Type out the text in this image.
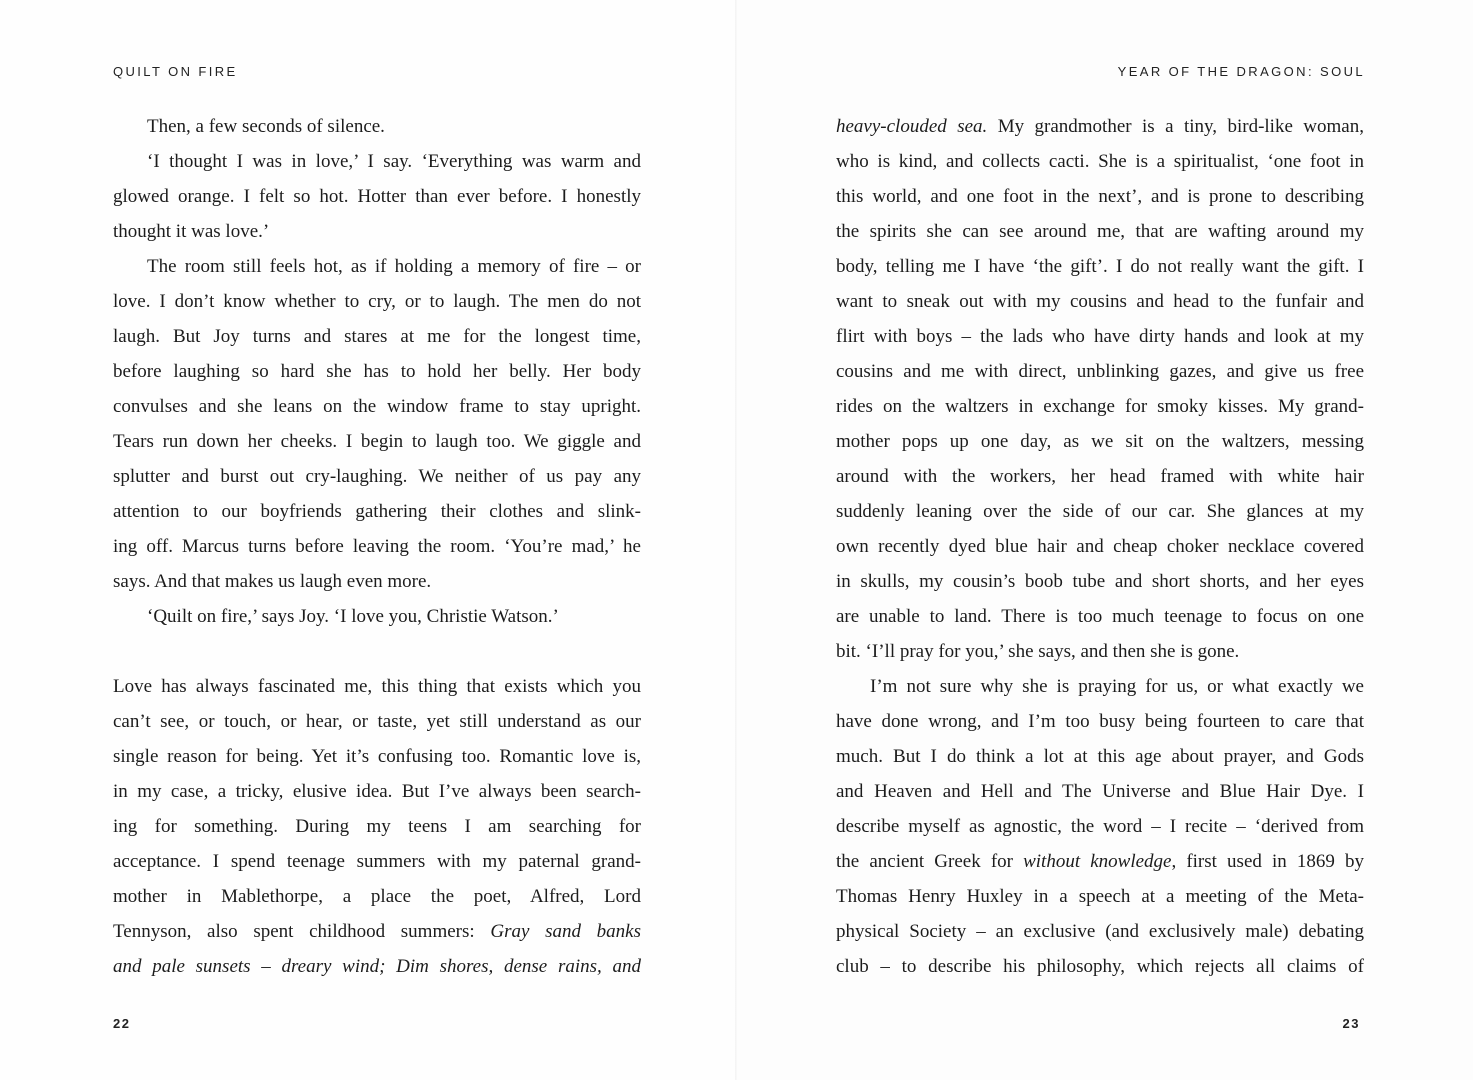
QUILT ON FIRE
Then, a few seconds of silence.
‘I thought I was in love,’ I say. ‘Everything was warm and
glowed orange. I felt so hot. Hotter than ever before. I honestly
thought it was love.’
The room still feels hot, as if holding a memory of fire – or
love. I don’t know whether to cry, or to laugh. The men do not
laugh. But Joy turns and stares at me for the longest time,
before laughing so hard she has to hold her belly. Her body
convulses and she leans on the window frame to stay upright.
Tears run down her cheeks. I begin to laugh too. We giggle and
splutter and burst out cry-laughing. We neither of us pay any
attention to our boyfriends gathering their clothes and slink-
ing off. Marcus turns before leaving the room. ‘You’re mad,’ he
says. And that makes us laugh even more.
‘Quilt on fire,’ says Joy. ‘I love you, Christie Watson.’
Love has always fascinated me, this thing that exists which you
can’t see, or touch, or hear, or taste, yet still understand as our
single reason for being. Yet it’s confusing too. Romantic love is,
in my case, a tricky, elusive idea. But I’ve always been search-
ing for something. During my teens I am searching for
acceptance. I spend teenage summers with my paternal grand-
mother in Mablethorpe, a place the poet, Alfred, Lord
Tennyson, also spent childhood summers: Gray sand banks
and pale sunsets – dreary wind; Dim shores, dense rains, and
22
YEAR OF THE DRAGON: SOUL
heavy-clouded sea. My grandmother is a tiny, bird-like woman,
who is kind, and collects cacti. She is a spiritualist, ‘one foot in
this world, and one foot in the next’, and is prone to describing
the spirits she can see around me, that are wafting around my
body, telling me I have ‘the gift’. I do not really want the gift. I
want to sneak out with my cousins and head to the funfair and
flirt with boys – the lads who have dirty hands and look at my
cousins and me with direct, unblinking gazes, and give us free
rides on the waltzers in exchange for smoky kisses. My grand-
mother pops up one day, as we sit on the waltzers, messing
around with the workers, her head framed with white hair
suddenly leaning over the side of our car. She glances at my
own recently dyed blue hair and cheap choker necklace covered
in skulls, my cousin’s boob tube and short shorts, and her eyes
are unable to land. There is too much teenage to focus on one
bit. ‘I’ll pray for you,’ she says, and then she is gone.
I’m not sure why she is praying for us, or what exactly we
have done wrong, and I’m too busy being fourteen to care that
much. But I do think a lot at this age about prayer, and Gods
and Heaven and Hell and The Universe and Blue Hair Dye. I
describe myself as agnostic, the word – I recite – ‘derived from
the ancient Greek for without knowledge, first used in 1869 by
Thomas Henry Huxley in a speech at a meeting of the Meta-
physical Society – an exclusive (and exclusively male) debating
club – to describe his philosophy, which rejects all claims of
23
